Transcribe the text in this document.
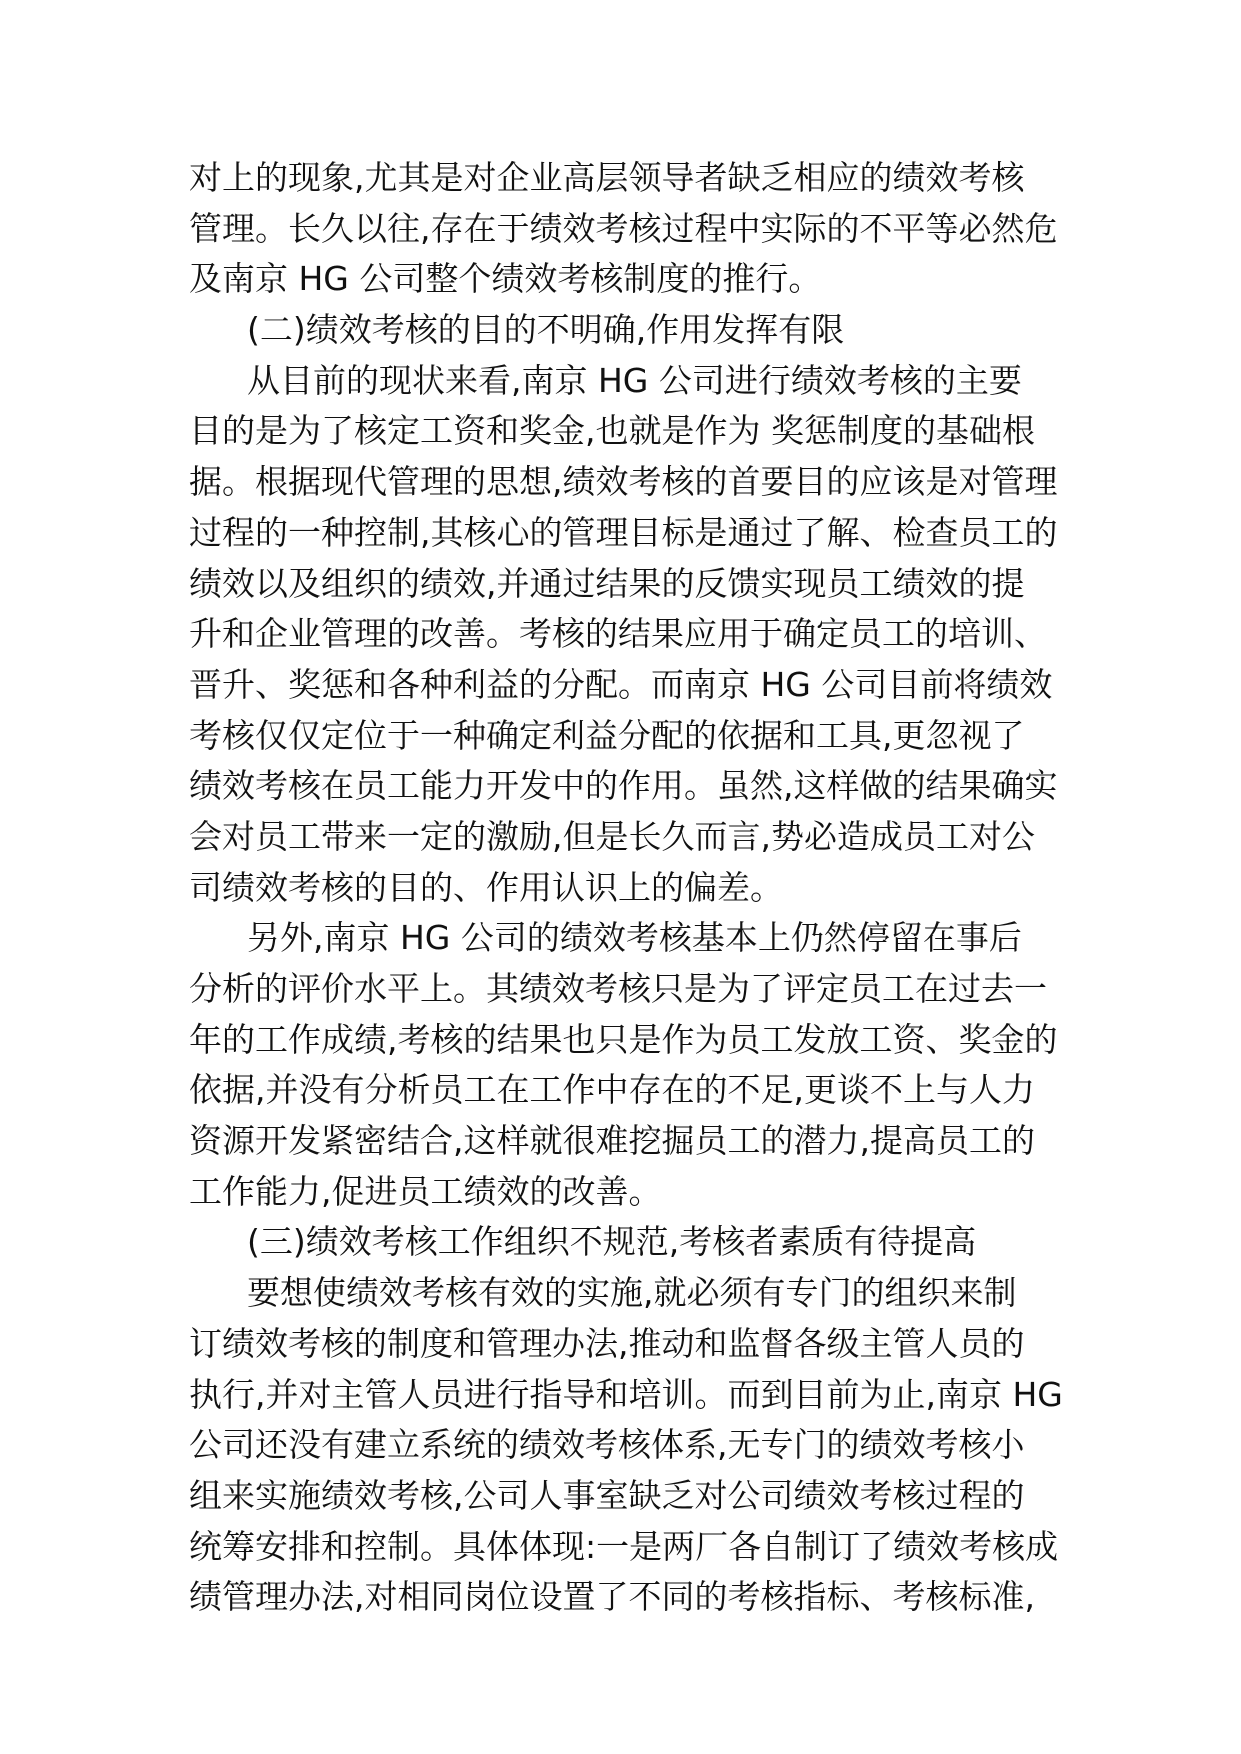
对上的现象,尤其是对企业高层领导者缺乏相应的绩效考核
管理。长久以往,存在于绩效考核过程中实际的不平等必然危
及南京 HG 公司整个绩效考核制度的推行。
(二)绩效考核的目的不明确,作用发挥有限
从目前的现状来看,南京 HG 公司进行绩效考核的主要
目的是为了核定工资和奖金,也就是作为 奖惩制度的基础根
据。根据现代管理的思想,绩效考核的首要目的应该是对管理
过程的一种控制,其核心的管理目标是通过了解、检查员工的
绩效以及组织的绩效,并通过结果的反馈实现员工绩效的提
升和企业管理的改善。考核的结果应用于确定员工的培训、
晋升、奖惩和各种利益的分配。而南京 HG 公司目前将绩效
考核仅仅定位于一种确定利益分配的依据和工具,更忽视了
绩效考核在员工能力开发中的作用。虽然,这样做的结果确实
会对员工带来一定的激励,但是长久而言,势必造成员工对公
司绩效考核的目的、作用认识上的偏差。
另外,南京 HG 公司的绩效考核基本上仍然停留在事后
分析的评价水平上。其绩效考核只是为了评定员工在过去一
年的工作成绩,考核的结果也只是作为员工发放工资、奖金的
依据,并没有分析员工在工作中存在的不足,更谈不上与人力
资源开发紧密结合,这样就很难挖掘员工的潜力,提高员工的
工作能力,促进员工绩效的改善。
(三)绩效考核工作组织不规范,考核者素质有待提高
要想使绩效考核有效的实施,就必须有专门的组织来制
订绩效考核的制度和管理办法,推动和监督各级主管人员的
执行,并对主管人员进行指导和培训。而到目前为止,南京 HG
公司还没有建立系统的绩效考核体系,无专门的绩效考核小
组来实施绩效考核,公司人事室缺乏对公司绩效考核过程的
统筹安排和控制。具体体现:一是两厂各自制订了绩效考核成
绩管理办法,对相同岗位设置了不同的考核指标、考核标准,
